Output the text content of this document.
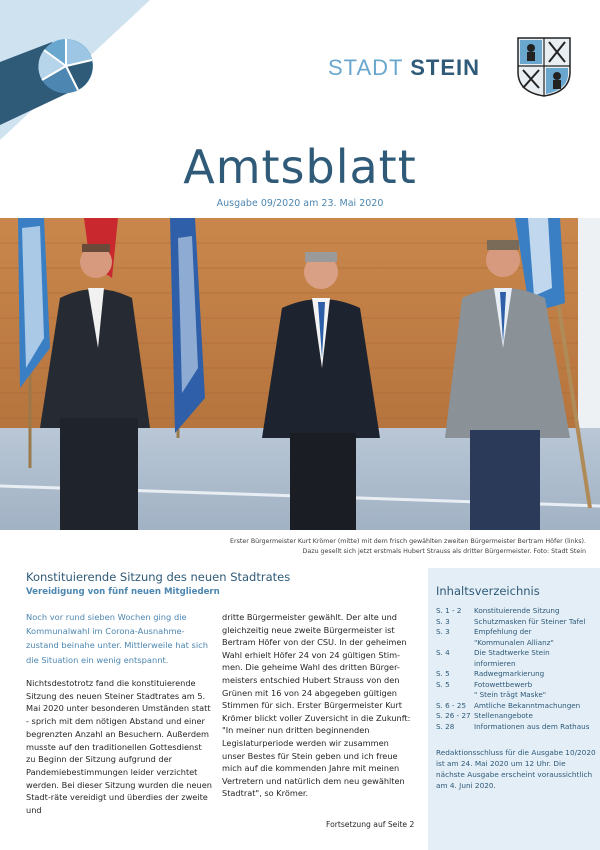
STADT STEIN
Amtsblatt
Ausgabe 09/2020 am 23. Mai 2020
Erster Bürgermeister Kurt Krömer (mitte) mit dem frisch gewählten zweiten Bürgermeister Bertram Höfer (links).
Dazu gesellt sich jetzt erstmals Hubert Strauss als dritter Bürgermeister. Foto: Stadt Stein
Konstituierende Sitzung des neuen Stadtrates
Vereidigung von fünf neuen Mitgliedern
Noch vor rund sieben Wochen ging die Kommunalwahl im Corona-Ausnahme-zustand beinahe unter. Mittlerweile hat sich die Situation ein wenig entspannt.
Nichtsdestotrotz fand die konstituierende Sitzung des neuen Steiner Stadtrates am 5. Mai 2020 unter besonderen Umständen statt - sprich mit dem nötigen Abstand und einer begrenzten Anzahl an Besuchern. Außerdem musste auf den traditionellen Gottesdienst zu Beginn der Sitzung aufgrund der Pandemiebestimmungen leider verzichtet werden. Bei dieser Sitzung wurden die neuen Stadt-räte vereidigt und überdies der zweite und
dritte Bürgermeister gewählt. Der alte und gleichzeitig neue zweite Bürgermeister ist Bertram Höfer von der CSU. In der geheimen Wahl erhielt Höfer 24 von 24 gültigen Stim-men. Die geheime Wahl des dritten Bürger-meisters entschied Hubert Strauss von den Grünen mit 16 von 24 abgegeben gültigen Stimmen für sich. Erster Bürgermeister Kurt Krömer blickt voller Zuversicht in die Zukunft: "In meiner nun dritten beginnenden Legislaturperiode werden wir zusammen unser Bestes für Stein geben und ich freue mich auf die kommenden Jahre mit meinen Vertretern und natürlich dem neu gewählten Stadtrat", so Krömer.
Fortsetzung auf Seite 2
Inhaltsverzeichnis
S. 1 - 2	Konstituierende Sitzung
S. 3	Schutzmasken für Steiner Tafel
S. 3	Empfehlung der
"Kommunalen Allianz"
S. 4	Die Stadtwerke Stein
informieren
S. 5	Radwegmarkierung
S. 5	Fotowettbewerb
" Stein trägt Maske"
S. 6 - 25	Amtliche Bekanntmachungen
S. 26 - 27 Stellenangebote
S. 28	Informationen aus dem Rathaus
Redaktionsschluss für die Ausgabe 10/2020 ist am 24. Mai 2020 um 12 Uhr. Die nächste Ausgabe erscheint voraussichtlich am 4. Juni 2020.
